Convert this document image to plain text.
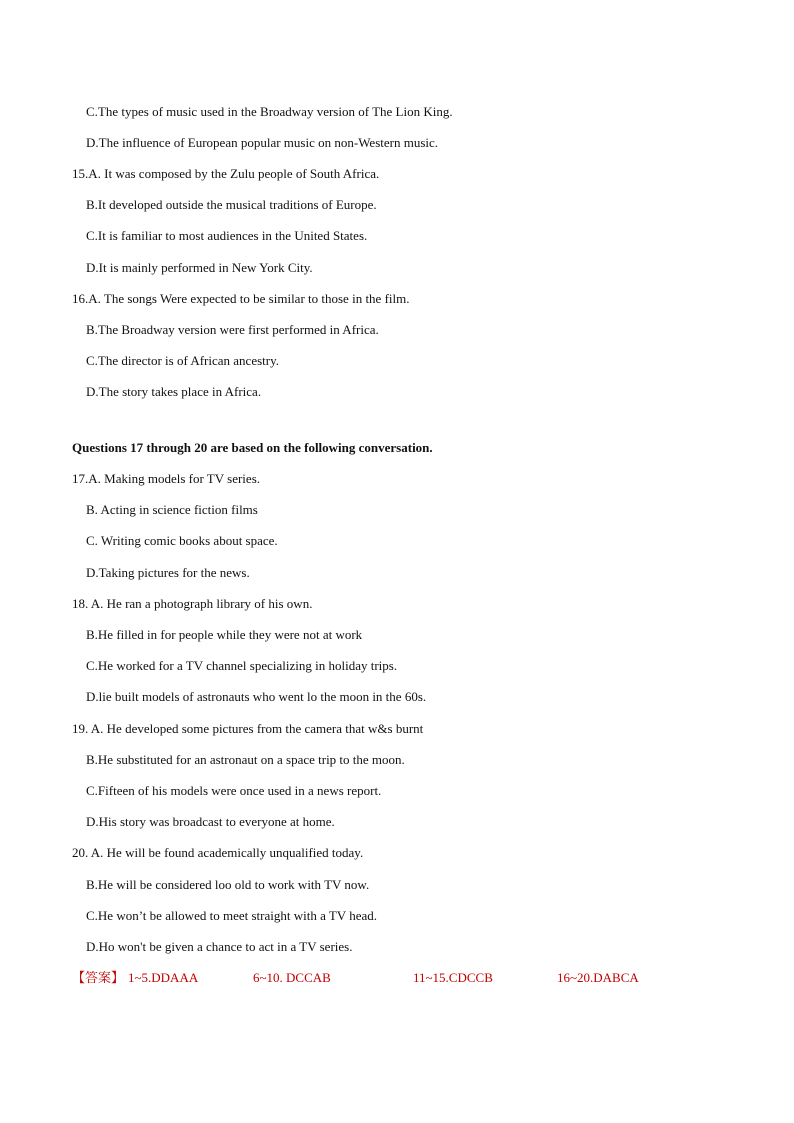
C.The types of music used in the Broadway version of The Lion King.
D.The influence of European popular music on non-Western music.
15.A. It was composed by the Zulu people of South Africa.
B.It developed outside the musical traditions of Europe.
C.It is familiar to most audiences in the United States.
D.It is mainly performed in New York City.
16.A. The songs Were expected to be similar to those in the film.
B.The Broadway version were first performed in Africa.
C.The director is of African ancestry.
D.The story takes place in Africa.
Questions 17 through 20 are based on the following conversation.
17.A. Making models for TV series.
B. Acting in science fiction films
C. Writing comic books about space.
D.Taking pictures for the news.
18. A. He ran a photograph library of his own.
B.He filled in for people while they were not at work
C.He worked for a TV channel specializing in holiday trips.
D.lie built models of astronauts who went lo the moon in the 60s.
19. A. He developed some pictures from the camera that w&s burnt
B.He substituted for an astronaut on a space trip to the moon.
C.Fifteen of his models were once used in a news report.
D.His story was broadcast to everyone at home.
20. A. He will be found academically unqualified today.
B.He will be considered loo old to work with TV now.
C.He won’t be allowed to meet straight with a TV head.
D.Ho won't be given a chance to act in a TV series.
【答案】 1~5.DDAAA	6~10. DCCAB	11~15.CDCCB	16~20.DABCA
